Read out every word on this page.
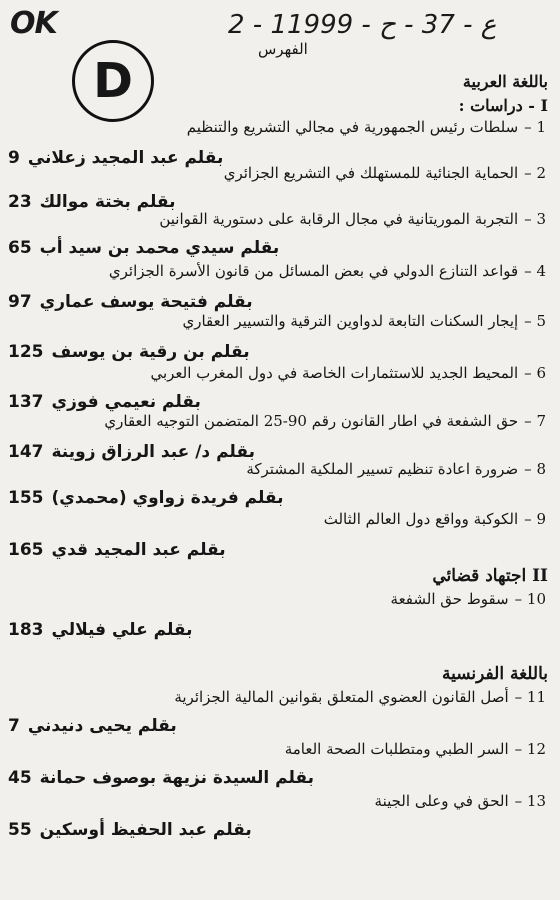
OK	2 - ع - 37 - ح - 11999
D
الفهرس
باللغة العربية
I - دراسات :
1 –سلطات رئيس الجمهورية في مجالي التشريع والتنظيم
9 بقلم عبد المجيد زعلاني
2 –الحماية الجنائية للمستهلك في التشريع الجزائري
23 بقلم بختة موالك
3 –التجربة الموريتانية في مجال الرقابة على دستورية القوانين
65 بقلم سيدي محمد بن سيد أب
4 –قواعد التنازع الدولي في بعض المسائل من قانون الأسرة الجزائري
97 بقلم فتيحة يوسف عماري
5 –إيجار السكنات التابعة لدواوين الترقية والتسيير العقاري
125 بقلم بن رقية بن يوسف
6 –المحيط الجديد للاستثمارات الخاصة في دول المغرب العربي
137 بقلم نعيمي فوزي
7 –حق الشفعة في اطار القانون رقم 90-25 المتضمن التوجيه العقاري
147 بقلم د/ عبد الرزاق زوينة
8 –ضرورة اعادة تنظيم تسيير الملكية المشتركة
155 بقلم فريدة زواوي (محمدي)
9 –الكوكبة وواقع دول العالم الثالث
165 بقلم عبد المجيد قدي
II اجتهاد قضائي
10 –سقوط حق الشفعة
183 بقلم علي فيلالي
باللغة الفرنسية
11 –أصل القانون العضوي المتعلق بقوانين المالية الجزائرية
7 بقلم يحيى دنيدني
12 –السر الطبي ومتطلبات الصحة العامة
45 بقلم السيدة نزيهة بوصوف حمانة
13 –الحق في وعلى الجينة
55 بقلم عبد الحفيظ أوسكين
